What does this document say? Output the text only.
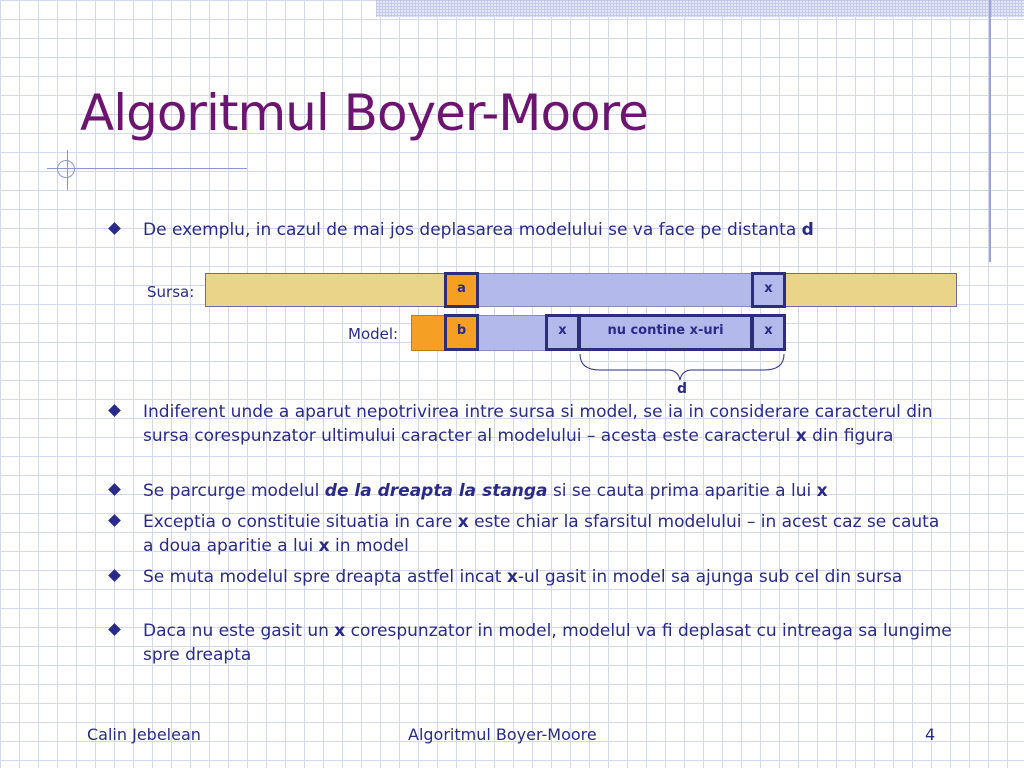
Algoritmul Boyer-Moore
De exemplu, in cazul de mai jos deplasarea modelului se va face pe distanta d
Sursa:	a	x
Model:	b	x	nu contine x-uri	x
d
Indiferent unde a aparut nepotrivirea intre sursa si model, se ia in considerare caracterul din sursa corespunzator ultimului caracter al modelului – acesta este caracterul x din figura
Se parcurge modelul de la dreapta la stanga si se cauta prima aparitie a lui x
Exceptia o constituie situatia in care x este chiar la sfarsitul modelului – in acest caz se cauta a doua aparitie a lui x in model
Se muta modelul spre dreapta astfel incat x-ul gasit in model sa ajunga sub cel din sursa
Daca nu este gasit un x corespunzator in model, modelul va fi deplasat cu intreaga sa lungime spre dreapta
Calin Jebelean	Algoritmul Boyer-Moore	4
